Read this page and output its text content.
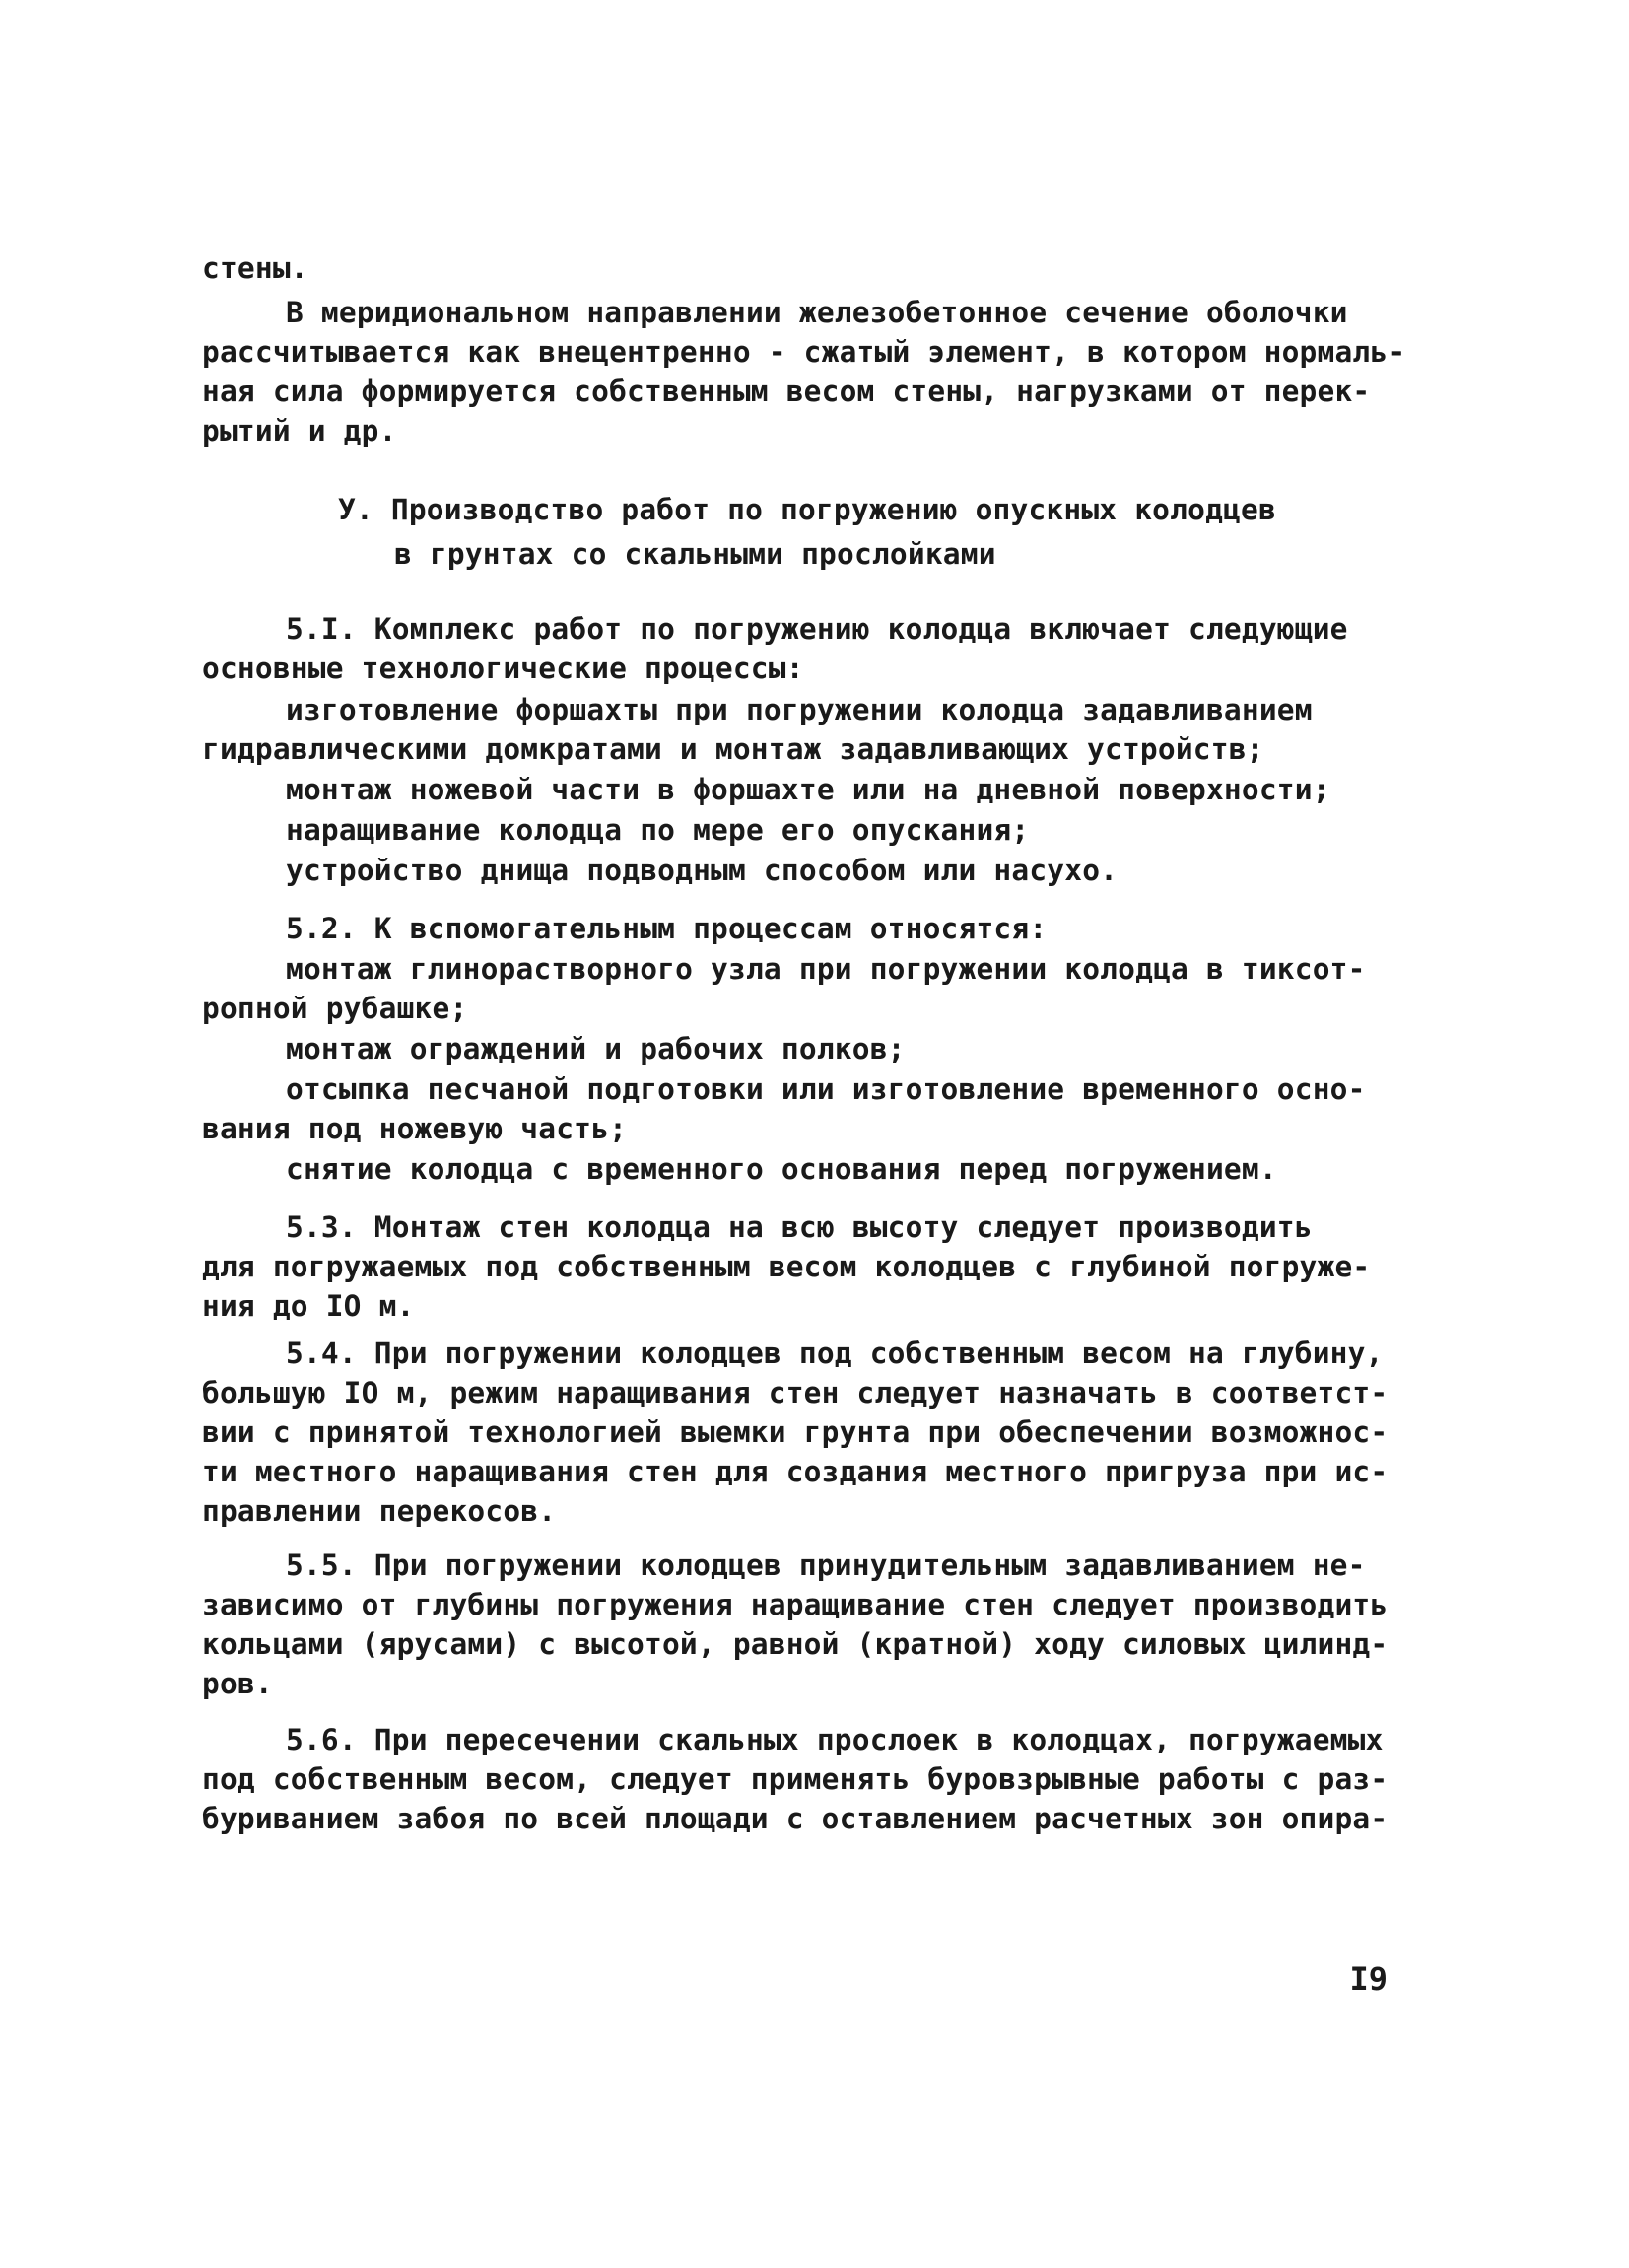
стены.
В меридиональном направлении железобетонное сечение оболочки
рассчитывается как внецентренно - сжатый элемент, в котором нормаль-
ная сила формируется собственным весом стены, нагрузками от перек-
рытий и др.
У. Производство работ по погружению опускных колодцев
в грунтах со скальными прослойками
5.I. Комплекс работ по погружению колодца включает следующие
основные технологические процессы:
изготовление форшахты при погружении колодца задавливанием
гидравлическими домкратами и монтаж задавливающих устройств;
монтаж ножевой части в форшахте или на дневной поверхности;
наращивание колодца по мере его опускания;
устройство днища подводным способом или насухо.
5.2. К вспомогательным процессам относятся:
монтаж глинорастворного узла при погружении колодца в тиксот-
ропной рубашке;
монтаж ограждений и рабочих полков;
отсыпка песчаной подготовки или изготовление временного осно-
вания под ножевую часть;
снятие колодца с временного основания перед погружением.
5.3. Монтаж стен колодца на всю высоту следует производить
для погружаемых под собственным весом колодцев с глубиной погруже-
ния до IO м.
5.4. При погружении колодцев под собственным весом на глубину,
большую IO м, режим наращивания стен следует назначать в соответст-
вии с принятой технологией выемки грунта при обеспечении возможнос-
ти местного наращивания стен для создания местного пригруза при ис-
правлении перекосов.
5.5. При погружении колодцев принудительным задавливанием не-
зависимо от глубины погружения наращивание стен следует производить
кольцами (ярусами) с высотой, равной (кратной) ходу силовых цилинд-
ров.
5.6. При пересечении скальных прослоек в колодцах, погружаемых
под собственным весом, следует применять буровзрывные работы с раз-
буриванием забоя по всей площади с оставлением расчетных зон опира-
I9
